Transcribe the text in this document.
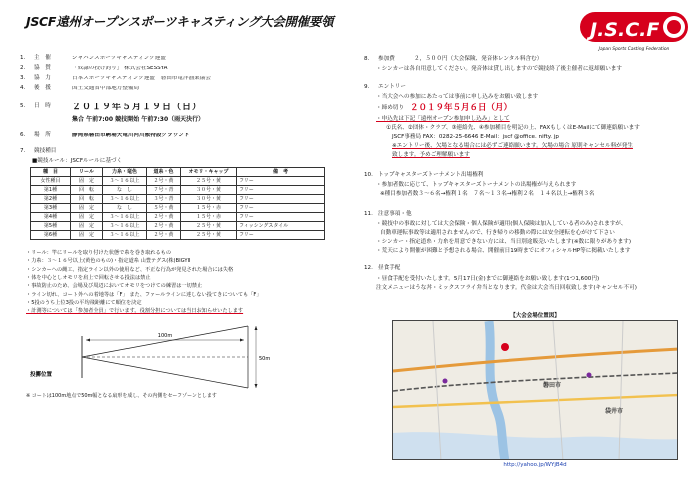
JSCF遠州オープンスポーツキャスティング大会開催要領	J.S.C.F
Japan Sports Casting Federation
1.	主　催	ジャパンスポーツキャスティング連盟
2.	協　賛	「奴隷の投げ釣り」 株式会社SESSYA
3.	協　力	日本スポーツキャスティング連盟　磐田市竜洋漁業協会
4.	後　援	国土交通省中部地方整備局
5.	日　時	２０１９年５月１９日（日）
集合 午前7:00 競技開始 午前7:30（雨天決行）
6.	場　所	静岡県磐田市駒場天竜川河川敷特設グラウンド
7.	競技種目
■競技ルール：JSCFルールに基づく
種　目	リール	力糸・竜色	道糸・色	オモリ・キャップ	備　考
女性種目	固　定	３～１６以上	２号・黄	２５号・黄	フリー
第1種	回　転	な　し	７号・青	３０号・黄	フリー
第2種	回　転	３～１６以上	３号・青	３０号・黄	フリー
第3種	固　定	な　し	５号・黄	１５号・赤	フリー
第4種	固　定	３～１６以上	２号・黄	１５号・赤	フリー
第5種	固　定	３～１６以上	２号・黄	２５号・黄	フィッシングスタイル
第6種	固　定	３～１６以上	２号・黄	２５号・黄	フリー
・リール：竿にリールを取り付けた状態で糸を巻き取れるもの
・力糸：３～１６号以上(黄色のもの)・指定道糸 山豊テグス(株)BIGYⅡ
・シンカーへの縄工、指定ライン以外の使用など、不正な行為が発見された場合には失格
・体を中心としオモリを肩上で回転させる投法は禁止
・事故防止のため、会場及び周辺においてオモリをつけての練習は一切禁止
・ライン切れ、コート外への着地等は「F」 また、ファールラインに達しない投てきについても「F」
・5投のうち上位3投の平均飛距離にて順位を決定
・計測等については「参加者全員」で行います。役割分担については当日お知らせいたします
100m
50m
投擲位置
※ コートは100m地点で50m幅となる扇形を成し、その内側をセーフゾーンとします
8.	参加費	２，５００円（大会保険、発音体レンタル料含む）
・シンカーは各自用意してください。発音体は貸し出しますので競技終了後主催者に返却願います
9.	エントリー
・当大会への参加にあたっては事前に申し込みをお願い致します
・締め切り ２０１９年５月６日（月）
・申込先は下記「遠州オープン参加申し込み」として
①氏名、②団体・クラブ、③連絡先、④参加種目を明記の上、FAXもしくはE-Mailにて御連絡願います
JSCF事務局 FAX：0282-25-6646 E-Mail：jscf @office. nifty. jp
※エントリー後、欠場となる場合には必ずご連絡願います。欠場の場合 原則キャンセル料が発生
致します。予めご理解願います
10. トップキャスターズトーナメント出場権利
・参加者数に応じて、トップキャスターズトーナメントの出場権が与えられます
※種目参加者数３～６名→権利１名　７名～１３名→権利２名　１４名以上→権利３名
11. 注意事項・他
・競技中の事故に対しては大会保険・個人保険が適用(個人保険は加入している者のみ)されますが、
自動車運転事故等は適用されませんので、行き帰りの移動の際には安全運転を心がけて下さい
・シンカー・指定道糸・力糸を用意できない方には、当日別途販売いたします(※数に限りがあります)
・荒天により開催が困難と予想される場合、開催前日19時までにオフィシャルHP等に掲載いたします
12. 昼食手配
・昼食手配を受付いたします。5月17日(金)までに御連絡をお願い致します(1つ1,600円)
注文メニューはうな丼・ミックスフライ弁当となります。代金は大会当日回収致します(キャンセル不可)
【大会会場位置図】
磐田市
袋井市
http://yahoo.jp/WYjB4d
